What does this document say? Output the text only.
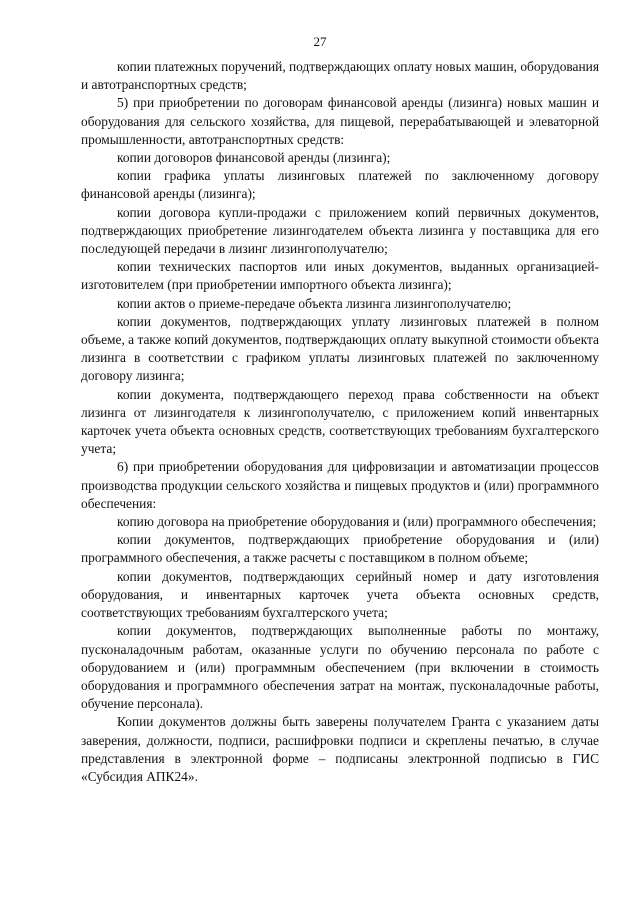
27

копии платежных поручений, подтверждающих оплату новых машин, оборудования и автотранспортных средств;

5) при приобретении по договорам финансовой аренды (лизинга) новых машин и оборудования для сельского хозяйства, для пищевой, перерабатывающей и элеваторной промышленности, автотранспортных средств:

копии договоров финансовой аренды (лизинга);

копии графика уплаты лизинговых платежей по заключенному договору финансовой аренды (лизинга);

копии договора купли-продажи с приложением копий первичных документов, подтверждающих приобретение лизингодателем объекта лизинга у поставщика для его последующей передачи в лизинг лизингополучателю;

копии технических паспортов или иных документов, выданных организацией-изготовителем (при приобретении импортного объекта лизинга);

копии актов о приеме-передаче объекта лизинга лизингополучателю;

копии документов, подтверждающих уплату лизинговых платежей в полном объеме, а также копий документов, подтверждающих оплату выкупной стоимости объекта лизинга в соответствии с графиком уплаты лизинговых платежей по заключенному договору лизинга;

копии документа, подтверждающего переход права собственности на объект лизинга от лизингодателя к лизингополучателю, с приложением копий инвентарных карточек учета объекта основных средств, соответствующих требованиям бухгалтерского учета;

6) при приобретении оборудования для цифровизации и автоматизации процессов производства продукции сельского хозяйства и пищевых продуктов и (или) программного обеспечения:

копию договора на приобретение оборудования и (или) программного обеспечения;

копии документов, подтверждающих приобретение оборудования и (или) программного обеспечения, а также расчеты с поставщиком в полном объеме;

копии документов, подтверждающих серийный номер и дату изготовления оборудования, и инвентарных карточек учета объекта основных средств, соответствующих требованиям бухгалтерского учета;

копии документов, подтверждающих выполненные работы по монтажу, пусконаладочным работам, оказанные услуги по обучению персонала по работе с оборудованием и (или) программным обеспечением (при включении в стоимость оборудования и программного обеспечения затрат на монтаж, пусконаладочные работы, обучение персонала).

Копии документов должны быть заверены получателем Гранта с указанием даты заверения, должности, подписи, расшифровки подписи и скреплены печатью, в случае представления в электронной форме – подписаны электронной подписью в ГИС «Субсидия АПК24».
